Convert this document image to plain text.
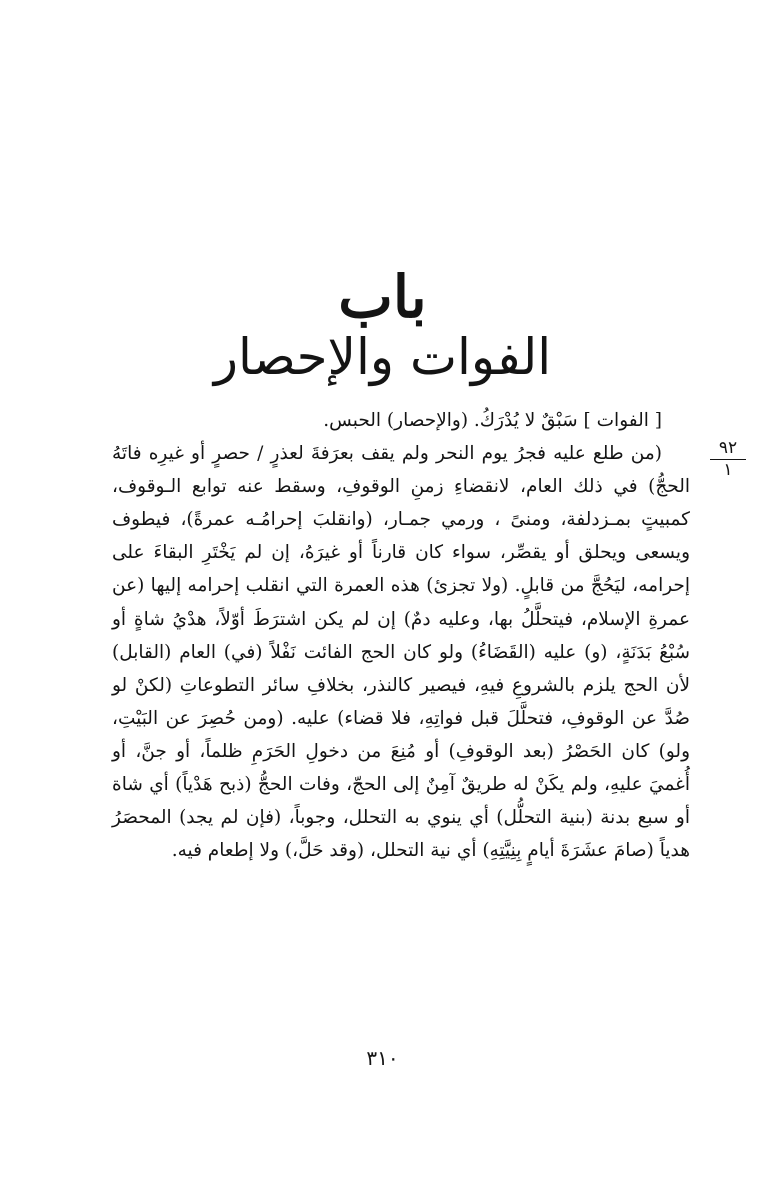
باب
الفوات والإحصار
٩٢
١

[ الفوات ] سَبْقٌ لا يُدْرَكُ. (والإحصار) الحبس.

(من طلع عليه فجرُ يوم النحر ولم يقف بعرَفةَ لعذرٍ / حصرٍ أو غيرِه فاتَهُ الحجُّ) في ذلك العام، لانقضاءِ زمنِ الوقوفِ، وسقط عنه توابع الـوقوف، كمبيتٍ بمـزدلفة، ومنىً ، ورمي جمـار، (وانقلبَ إحرامُـه عمرةً)، فيطوف ويسعى ويحلق أو يقصِّر، سواء كان قارناً أو غيرَهُ، إن لم يَخْتَرِ البقاءَ على إحرامه، ليَحُجَّ من قابلٍ. (ولا تجزئ) هذه العمرة التي انقلب إحرامه إليها (عن عمرةِ الإسلام، فيتحلَّلُ بها، وعليه دمٌ) إن لم يكن اشترَطَ أوّلاً، هدْيُ شاةٍ أو سُبْعُ بَدَنَةٍ، (و) عليه (القَضَاءُ) ولو كان الحج الفائت نَفْلاً (في) العام (القابل) لأن الحج يلزم بالشروعِ فيهِ، فيصير كالنذر، بخلافِ سائر التطوعاتِ (لكنْ لو صُدَّ عن الوقوفِ، فتحلَّلَ قبل فواتِهِ، فلا قضاء) عليه. (ومن حُصِرَ عن البَيْتِ، ولو) كان الحَصْرُ (بعد الوقوفِ) أو مُنِعَ من دخولِ الحَرَمِ ظلماً، أو جنَّ، أو أُغميَ عليهِ، ولم يكَنْ له طريقٌ آمِنٌ إلى الحجّ، وفات الحجُّ (ذبح هَدْياً) أي شاة أو سبع بدنة (بنية التحلُّل) أي ينوي به التحلل، وجوباً، (فإن لم يجد) المحصَرُ هدياً (صامَ عشَرَةَ أيامٍ بِنِيَّتِهِ) أي نية التحلل، (وقد حَلَّ،) ولا إطعام فيه.

٣١٠
